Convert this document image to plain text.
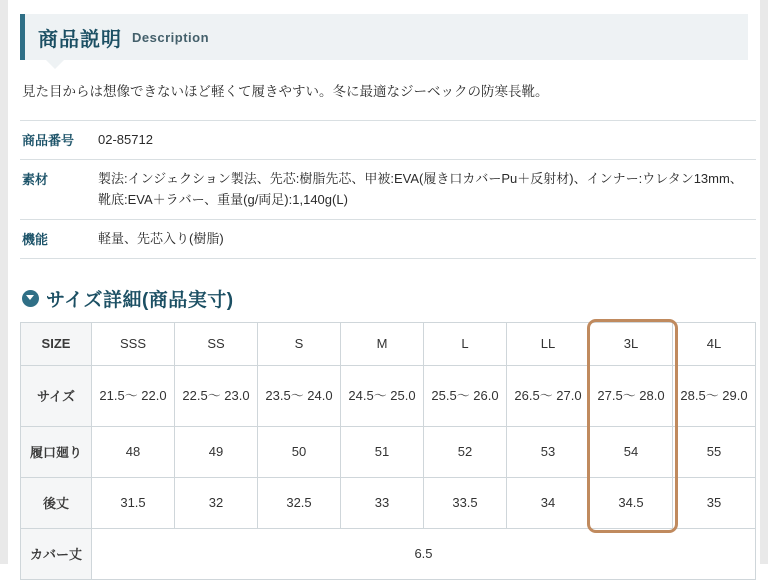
商品説明 Description

見た目からは想像できないほど軽くて履きやすい。冬に最適なジーベックの防寒長靴。

商品番号	02-85712
素材	製法:インジェクション製法、先芯:樹脂先芯、甲被:EVA(履き口カバーPu＋反射材)、インナー:ウレタン13mm、靴底:EVA＋ラバー、重量(g/両足):1,140g(L)
機能	軽量、先芯入り(樹脂)
サイズ詳細(商品実寸)
SIZE	SSS	SS	S	M	L	LL	3L	4L
サイズ	21.5〜 22.0	22.5〜 23.0	23.5〜 24.0	24.5〜 25.0	25.5〜 26.0	26.5〜 27.0	27.5〜 28.0	28.5〜 29.0
履口廻り	48	49	50	51	52	53	54	55
後丈	31.5	32	32.5	33	33.5	34	34.5	35
カバー丈	6.5							
